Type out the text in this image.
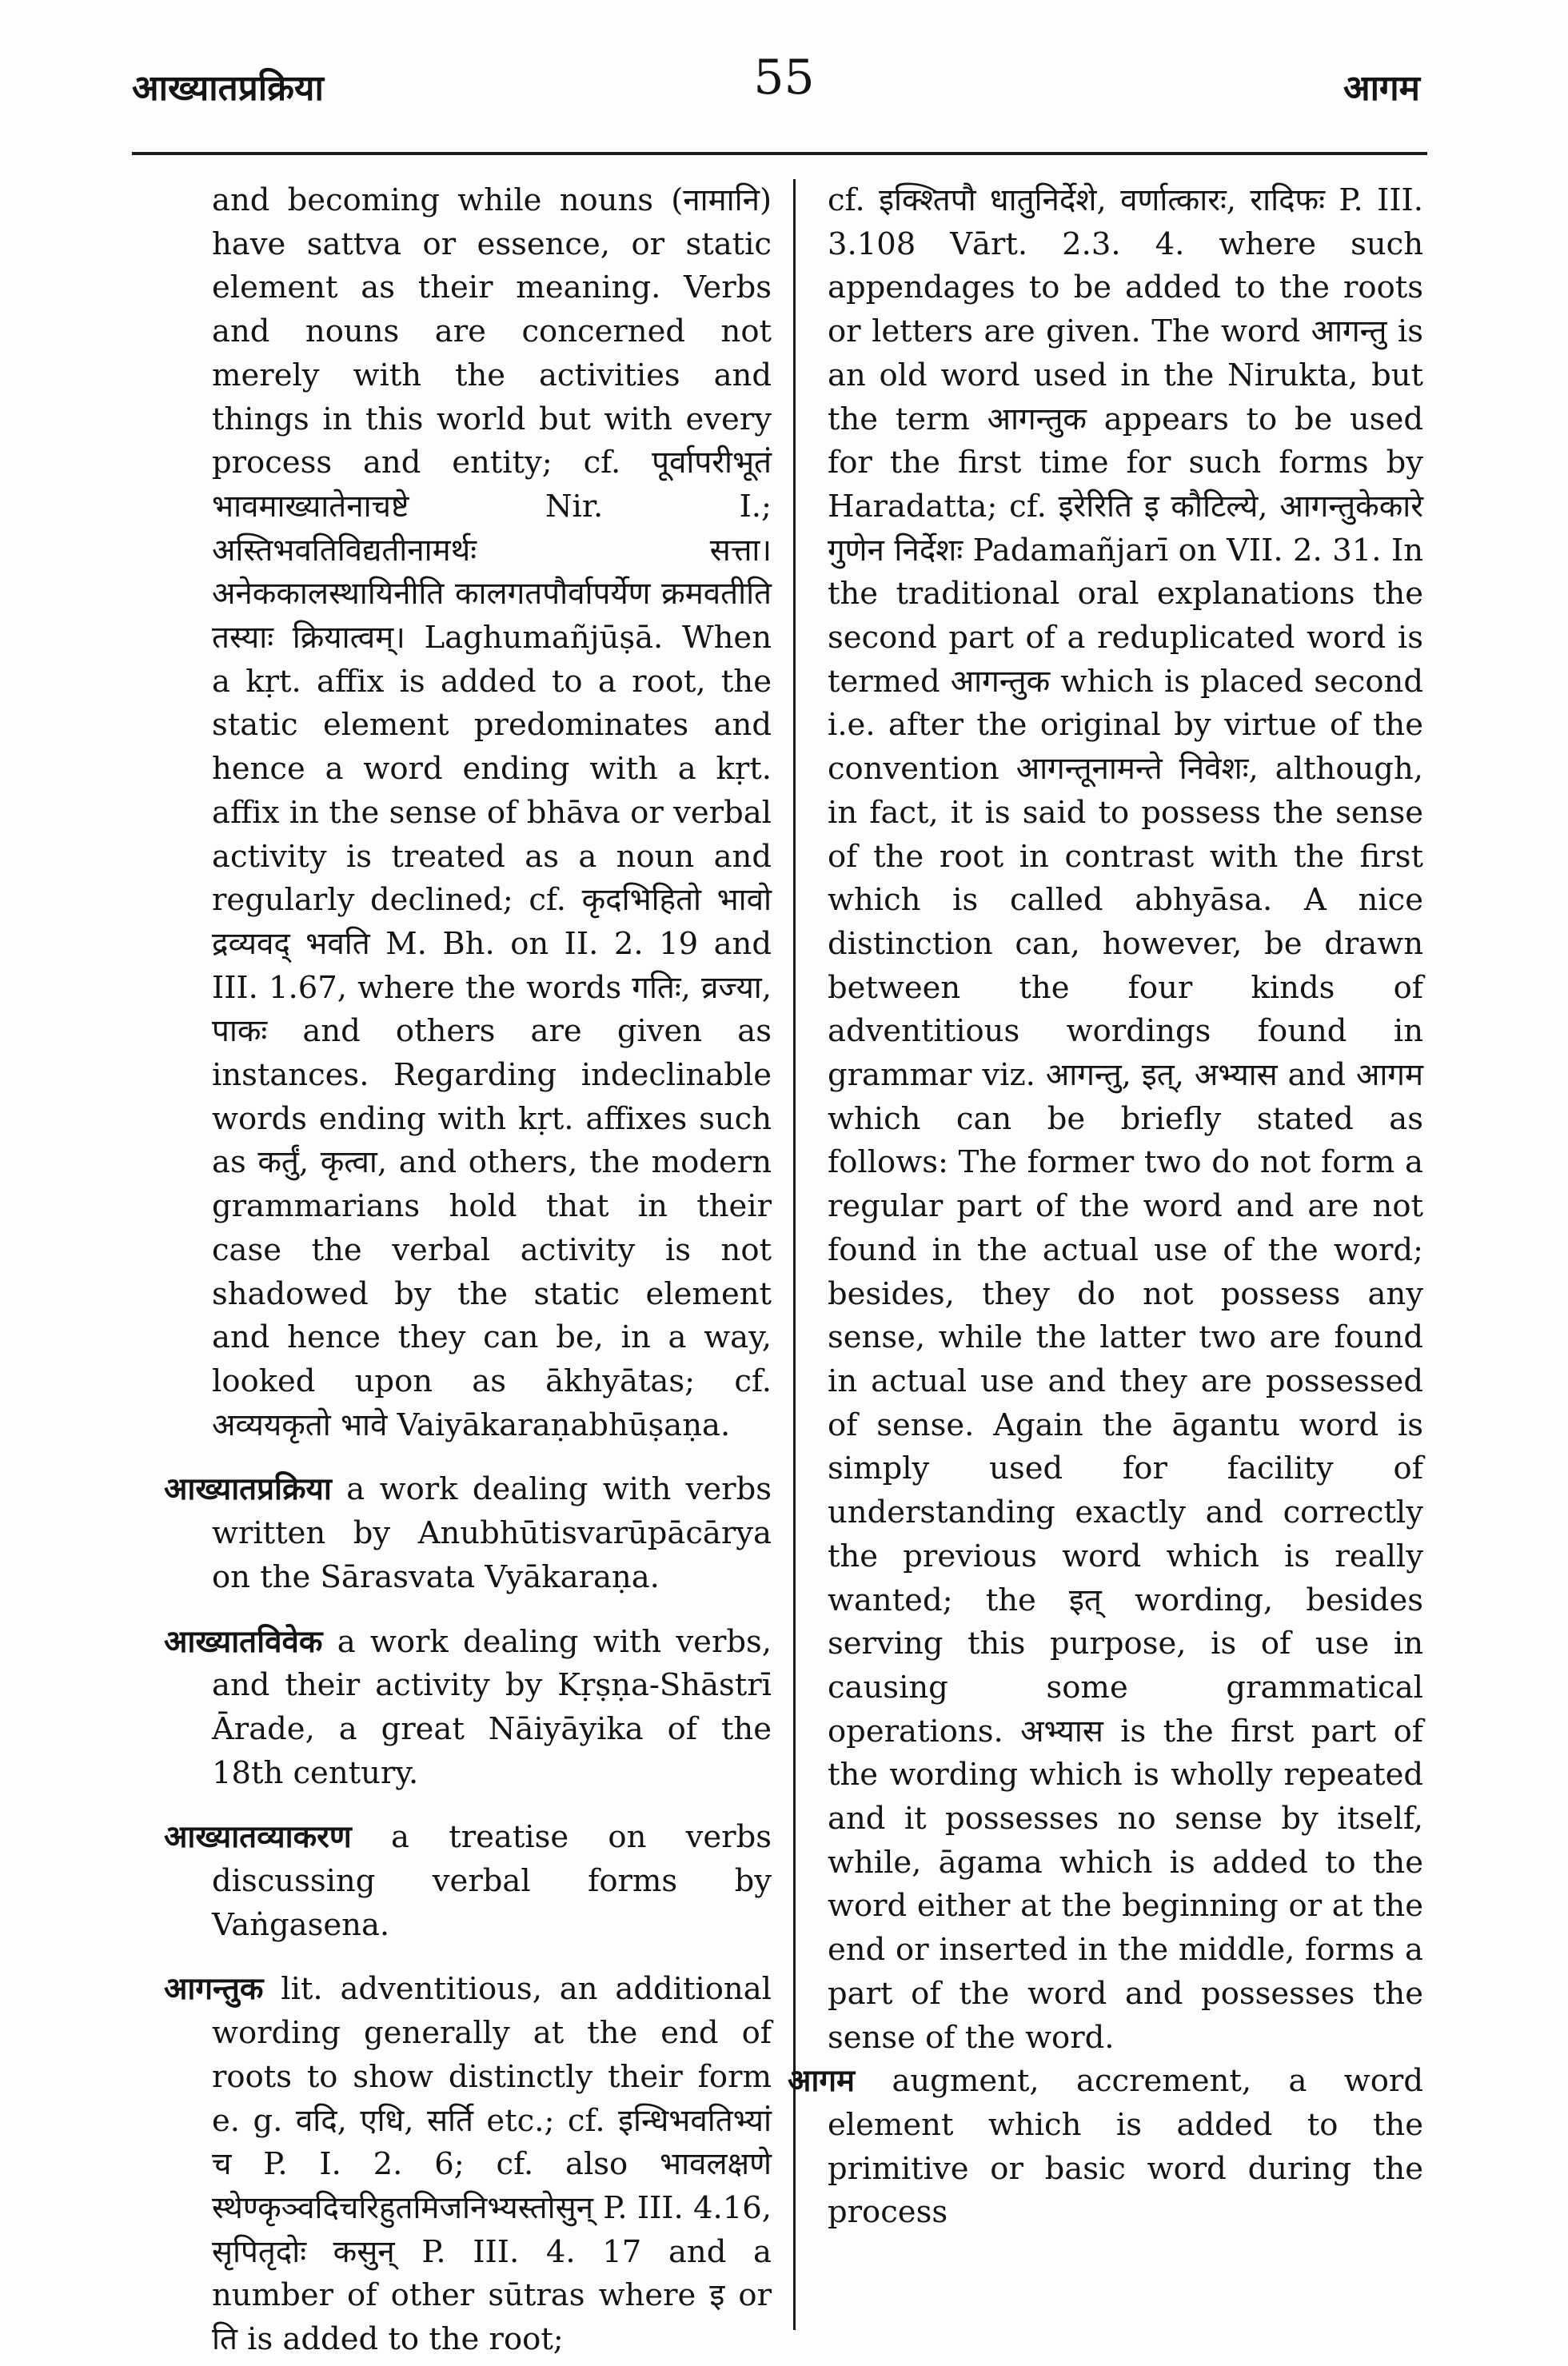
आख्यातप्रक्रिया	55	आगम

and becoming while nouns (नामानि) have sattva or essence, or static element as their meaning. Verbs and nouns are concerned not merely with the activities and things in this world but with every process and entity; cf. पूर्वापरीभूतं भावमाख्यातेनाचष्टे Nir. I.; अस्तिभवतिविद्यतीनामर्थः सत्ता। अनेककालस्थायिनीति कालगतपौर्वापर्येण क्रमवतीति तस्याः क्रियात्वम्। Laghumañjūṣā. When a kṛt. affix is added to a root, the static element predominates and hence a word ending with a kṛt. affix in the sense of bhāva or verbal activity is treated as a noun and regularly declined; cf. कृदभिहितो भावो द्रव्यवद् भवति M. Bh. on II. 2. 19 and III. 1.67, where the words गतिः, व्रज्या, पाकः and others are given as instances. Regarding indeclinable words ending with kṛt. affixes such as कर्तुं, कृत्वा, and others, the modern grammarians hold that in their case the verbal activity is not shadowed by the static element and hence they can be, in a way, looked upon as ākhyātas; cf. अव्ययकृतो भावे Vaiyākaraṇabhūṣaṇa.

आख्यातप्रक्रिया a work dealing with verbs written by Anubhūtisvarūpācārya on the Sārasvata Vyākaraṇa.

आख्यातविवेक a work dealing with verbs, and their activity by Kṛṣṇa-Shāstrī Ārade, a great Nāiyāyika of the 18th century.

आख्यातव्याकरण a treatise on verbs discussing verbal forms by Vaṅgasena.

आगन्तुक lit. adventitious, an additional wording generally at the end of roots to show distinctly their form e. g. वदि, एधि, सर्ति etc.; cf. इन्धिभवतिभ्यां च P. I. 2. 6; cf. also भावलक्षणे स्थेण्कृञ्वदिचरिहुतमिजनिभ्यस्तोसुन् P. III. 4.16, सृपितृदोः कसुन् P. III. 4. 17 and a number of other sūtras where इ or ति is added to the root;

cf. इक्श्तिपौ धातुनिर्देशे, वर्णात्कारः, रादिफः P. III. 3.108 Vārt. 2.3. 4. where such appendages to be added to the roots or letters are given. The word आगन्तु is an old word used in the Nirukta, but the term आगन्तुक appears to be used for the first time for such forms by Haradatta; cf. इरेरिति इ कौटिल्ये, आगन्तुकेकारे गुणेन निर्देशः Padamañjarī on VII. 2. 31. In the traditional oral explanations the second part of a reduplicated word is termed आगन्तुक which is placed second i.e. after the original by virtue of the convention आगन्तूनामन्ते निवेशः, although, in fact, it is said to possess the sense of the root in contrast with the first which is called abhyāsa. A nice distinction can, however, be drawn between the four kinds of adventitious wordings found in grammar viz. आगन्तु, इत्, अभ्यास and आगम which can be briefly stated as follows: The former two do not form a regular part of the word and are not found in the actual use of the word; besides, they do not possess any sense, while the latter two are found in actual use and they are possessed of sense. Again the āgantu word is simply used for facility of understanding exactly and correctly the previous word which is really wanted; the इत् wording, besides serving this purpose, is of use in causing some grammatical operations. अभ्यास is the first part of the wording which is wholly repeated and it possesses no sense by itself, while, āgama which is added to the word either at the beginning or at the end or inserted in the middle, forms a part of the word and possesses the sense of the word.

आगम augment, accrement, a word element which is added to the primitive or basic word during the process
